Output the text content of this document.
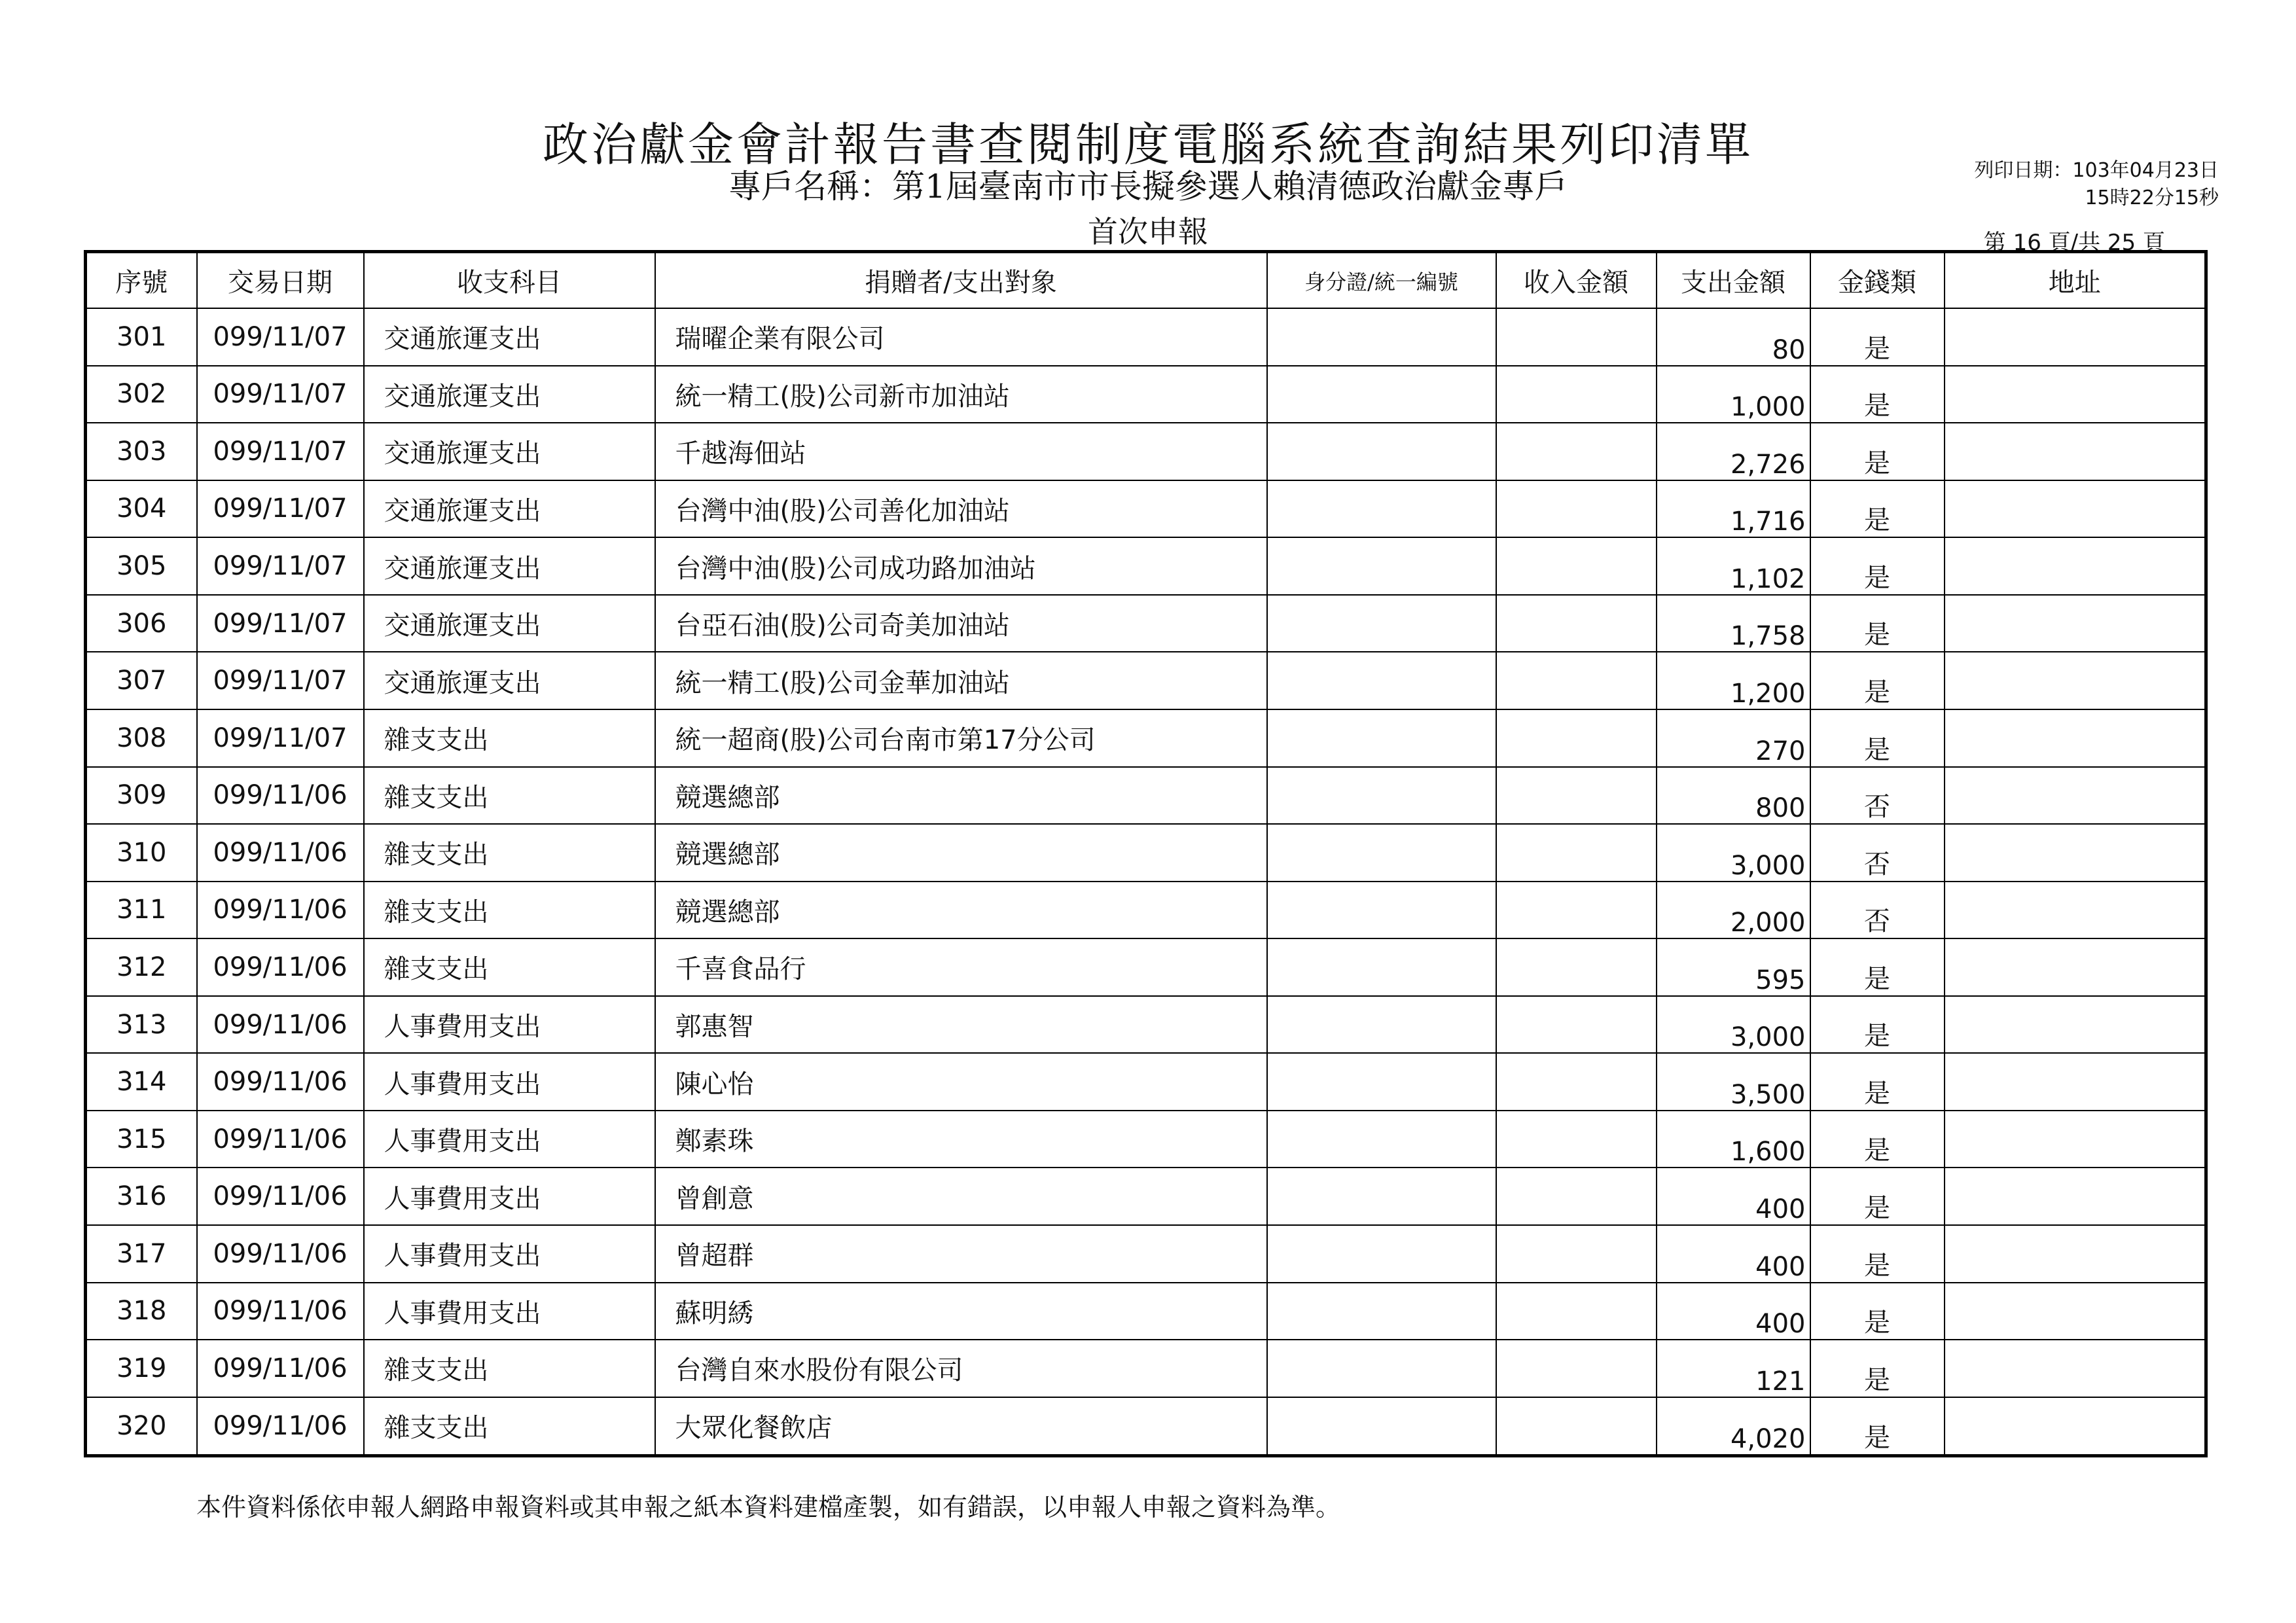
政治獻金會計報告書查閱制度電腦系統查詢結果列印清單
專戶名稱：第1屆臺南市市長擬參選人賴清德政治獻金專戶
首次申報
列印日期：103年04月23日
15時22分15秒
第 16 頁/共 25 頁
序號	交易日期	收支科目	捐贈者/支出對象	身分證/統一編號	收入金額	支出金額	金錢類	地址
301	099/11/07	交通旅運支出	瑞曜企業有限公司			80	是	
302	099/11/07	交通旅運支出	統一精工(股)公司新市加油站			1,000	是	
303	099/11/07	交通旅運支出	千越海佃站			2,726	是	
304	099/11/07	交通旅運支出	台灣中油(股)公司善化加油站			1,716	是	
305	099/11/07	交通旅運支出	台灣中油(股)公司成功路加油站			1,102	是	
306	099/11/07	交通旅運支出	台亞石油(股)公司奇美加油站			1,758	是	
307	099/11/07	交通旅運支出	統一精工(股)公司金華加油站			1,200	是	
308	099/11/07	雜支支出	統一超商(股)公司台南市第17分公司			270	是	
309	099/11/06	雜支支出	競選總部			800	否	
310	099/11/06	雜支支出	競選總部			3,000	否	
311	099/11/06	雜支支出	競選總部			2,000	否	
312	099/11/06	雜支支出	千喜食品行			595	是	
313	099/11/06	人事費用支出	郭惠智			3,000	是	
314	099/11/06	人事費用支出	陳心怡			3,500	是	
315	099/11/06	人事費用支出	鄭素珠			1,600	是	
316	099/11/06	人事費用支出	曾創意			400	是	
317	099/11/06	人事費用支出	曾超群			400	是	
318	099/11/06	人事費用支出	蘇明綉			400	是	
319	099/11/06	雜支支出	台灣自來水股份有限公司			121	是	
320	099/11/06	雜支支出	大眾化餐飲店			4,020	是	
本件資料係依申報人網路申報資料或其申報之紙本資料建檔產製，如有錯誤，以申報人申報之資料為準。
